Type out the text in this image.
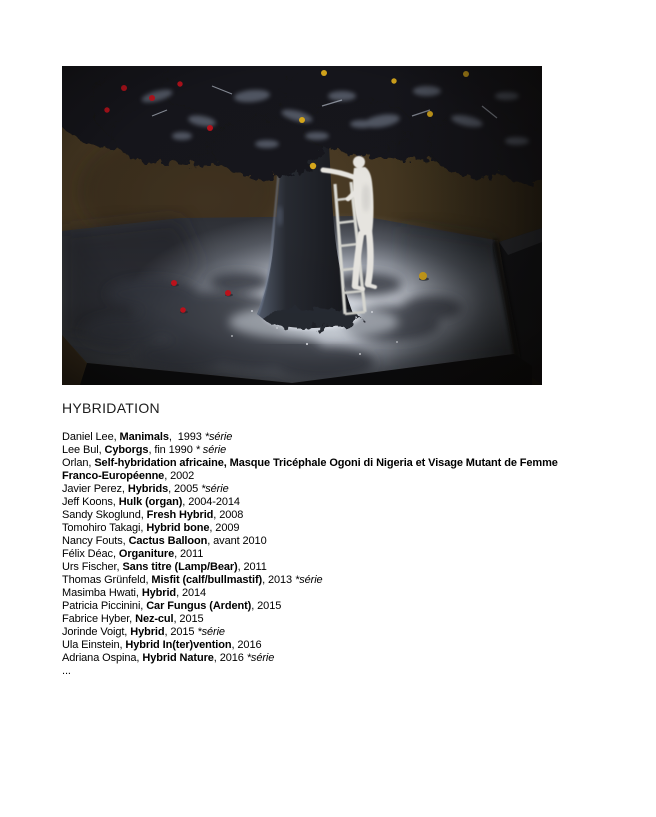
HYBRIDATION
Daniel Lee, Manimals,  1993 *série
Lee Bul, Cyborgs, fin 1990 * série
Orlan, Self-hybridation africaine, Masque Tricéphale Ogoni di Nigeria et Visage Mutant de Femme
Franco-Européenne, 2002
Javier Perez, Hybrids, 2005 *série
Jeff Koons, Hulk (organ), 2004-2014
Sandy Skoglund, Fresh Hybrid, 2008
Tomohiro Takagi, Hybrid bone, 2009
Nancy Fouts, Cactus Balloon, avant 2010
Félix Déac, Organiture, 2011
Urs Fischer, Sans titre (Lamp/Bear), 2011
Thomas Grünfeld, Misfit (calf/bullmastif), 2013 *série
Masimba Hwati, Hybrid, 2014
Patricia Piccinini, Car Fungus (Ardent), 2015
Fabrice Hyber, Nez-cul, 2015
Jorinde Voigt, Hybrid, 2015 *série
Ula Einstein, Hybrid In(ter)vention, 2016
Adriana Ospina, Hybrid Nature, 2016 *série
...
